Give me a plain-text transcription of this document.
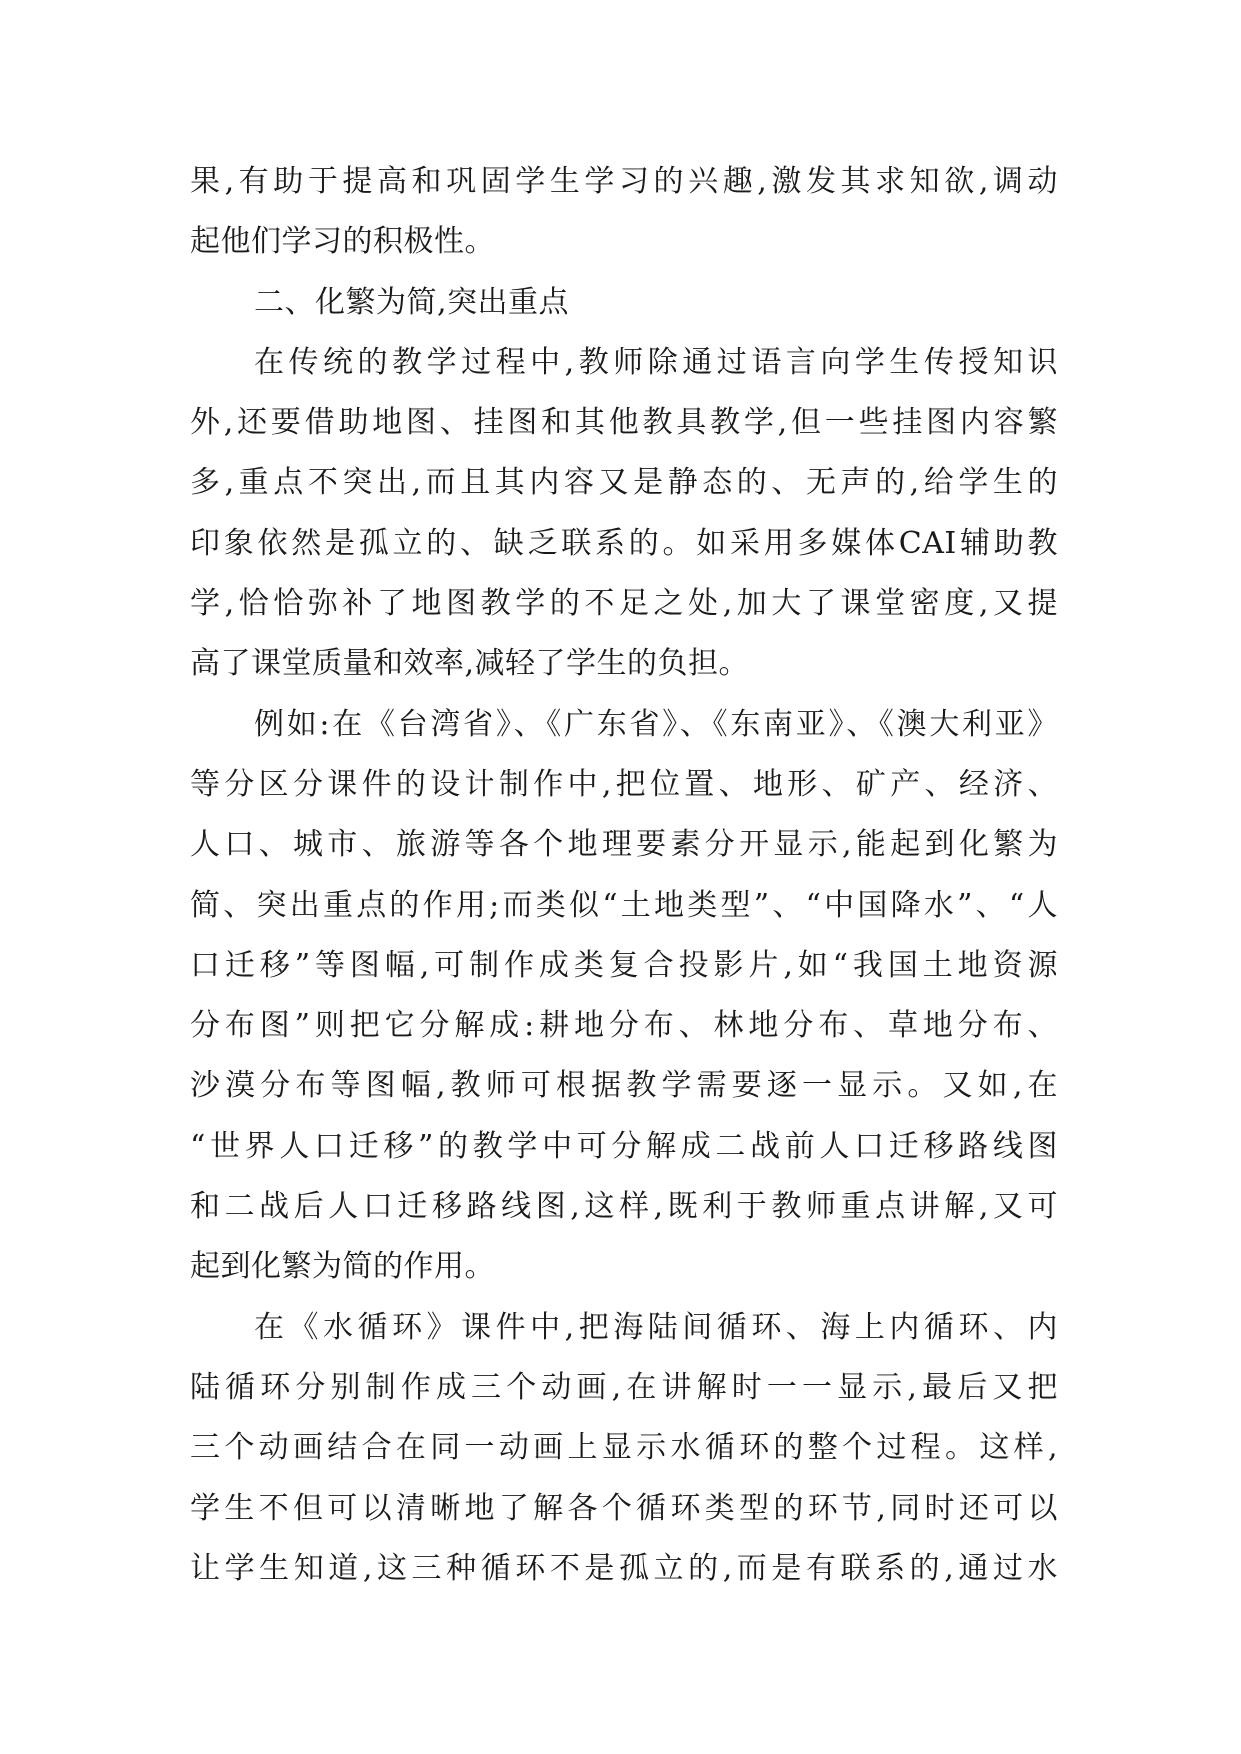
果,有助于提高和巩固学生学习的兴趣,激发其求知欲,调动
起他们学习的积极性。
二、化繁为简,突出重点
在传统的教学过程中,教师除通过语言向学生传授知识
外,还要借助地图、挂图和其他教具教学,但一些挂图内容繁
多,重点不突出,而且其内容又是静态的、无声的,给学生的
印象依然是孤立的、缺乏联系的。如采用多媒体CAI辅助教
学,恰恰弥补了地图教学的不足之处,加大了课堂密度,又提
高了课堂质量和效率,减轻了学生的负担。
例如:在《台湾省》、《广东省》、《东南亚》、《澳大利亚》
等分区分课件的设计制作中,把位置、地形、矿产、经济、
人口、城市、旅游等各个地理要素分开显示,能起到化繁为
简、突出重点的作用;而类似“土地类型”、“中国降水”、“人
口迁移”等图幅,可制作成类复合投影片,如“我国土地资源
分布图”则把它分解成:耕地分布、林地分布、草地分布、
沙漠分布等图幅,教师可根据教学需要逐一显示。又如,在
“世界人口迁移”的教学中可分解成二战前人口迁移路线图
和二战后人口迁移路线图,这样,既利于教师重点讲解,又可
起到化繁为简的作用。
在《水循环》课件中,把海陆间循环、海上内循环、内
陆循环分别制作成三个动画,在讲解时一一显示,最后又把
三个动画结合在同一动画上显示水循环的整个过程。这样,
学生不但可以清晰地了解各个循环类型的环节,同时还可以
让学生知道,这三种循环不是孤立的,而是有联系的,通过水
